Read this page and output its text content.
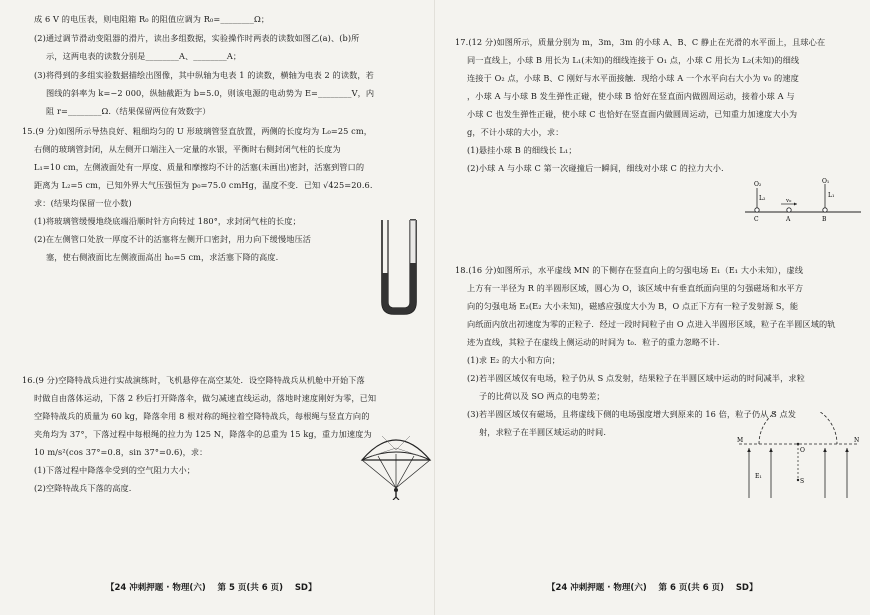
成 6 V 的电压表，则电阻箱 R₀ 的阻值应调为 R₀=________Ω；
(2)通过调节滑动变阻器的滑片，读出多组数据，实验操作时两表的读数如图乙(a)、(b)所
示，这两电表的读数分别是________A、________A；
(3)将得到的多组实验数据描绘出图像，其中纵轴为电表 1 的读数，横轴为电表 2 的读数，若
图线的斜率为 k=−2 000，纵轴截距为 b=5.0，则该电源的电动势为 E=________V，内
阻 r=________Ω.（结果保留两位有效数字）
15.(9 分)如图所示导热良好、粗细均匀的 U 形玻璃管竖直放置，两侧的长度均为 L₀=25 cm，
右侧的玻璃管封闭，从左侧开口端注入一定量的水银，平衡时右侧封闭气柱的长度为
L₁=10 cm，左侧液面处有一厚度、质量和摩擦均不计的活塞(未画出)密封，活塞到管口的
距离为 L₂=5 cm，已知外界大气压强恒为 p₀=75.0 cmHg，温度不变．已知 √425=20.6.
求：(结果均保留一位小数)
(1)将玻璃管缓慢地绕底端沿顺时针方向转过 180°，求封闭气柱的长度；
(2)在左侧管口处放一厚度不计的活塞将左侧开口密封，用力向下缓慢地压活
塞，使右侧液面比左侧液面高出 h₀=5 cm，求活塞下降的高度.
16.(9 分)空降特战兵进行实战演练时，飞机悬停在高空某处．设空降特战兵从机舱中开始下落
时做自由落体运动，下落 2 秒后打开降落伞，做匀减速直线运动，落地时速度刚好为零，已知
空降特战兵的质量为 60 kg，降落伞用 8 根对称的绳拉着空降特战兵，每根绳与竖直方向的
夹角均为 37°，下落过程中每根绳的拉力为 125 N，降落伞的总重为 15 kg，重力加速度为
10 m/s²(cos 37°=0.8，sin 37°=0.6)，求：
(1)下落过程中降落伞受到的空气阻力大小；
(2)空降特战兵下落的高度.
【24 冲刺押题 · 物理(六)    第 5 页(共 6 页)    SD】
17.(12 分)如图所示，质量分别为 m，3m，3m 的小球 A、B、C 静止在光滑的水平面上，且球心在
同一直线上，小球 B 用长为 L₁(未知)的细线连接于 O₁ 点，小球 C 用长为 L₂(未知)的细线
连接于 O₂ 点，小球 B、C 刚好与水平面接触．现给小球 A 一个水平向右大小为 v₀ 的速度
，小球 A 与小球 B 发生弹性正碰，使小球 B 恰好在竖直面内做圆周运动，接着小球 A 与
小球 C 也发生弹性正碰，使小球 C 也恰好在竖直面内做圆周运动，已知重力加速度大小为
g，不计小球的大小，求：
(1)悬挂小球 B 的细线长 L₁；
(2)小球 A 与小球 C 第一次碰撞后一瞬间，细线对小球 C 的拉力大小.
O₂	O₁
L₂	L₁
v₀
C	A	B
18.(16 分)如图所示，水平虚线 MN 的下侧存在竖直向上的匀强电场 E₁（E₁ 大小未知），虚线
上方有一半径为 R 的半圆形区域，圆心为 O，该区域中有垂直纸面向里的匀强磁场和水平方
向的匀强电场 E₂(E₂ 大小未知)，磁感应强度大小为 B，O 点正下方有一粒子发射源 S，能
向纸面内放出初速度为零的正粒子．经过一段时间粒子由 O 点进入半圆形区域，粒子在半圆区域的轨
迹为直线，其粒子在虚线上侧运动的时间为 t₀．粒子的重力忽略不计.
(1)求 E₂ 的大小和方向；
(2)若半圆区域仅有电场，粒子仍从 S 点发射，结果粒子在半圆区域中运动的时间减半，求粒
子的比荷以及 SO 两点的电势差；
(3)若半圆区域仅有磁场，且将虚线下侧的电场强度增大到原来的 16 倍，粒子仍从 S 点发
射，求粒子在半圆区域运动的时间.
M	N
O
S
E₁
【24 冲刺押题 · 物理(六)    第 6 页(共 6 页)    SD】
